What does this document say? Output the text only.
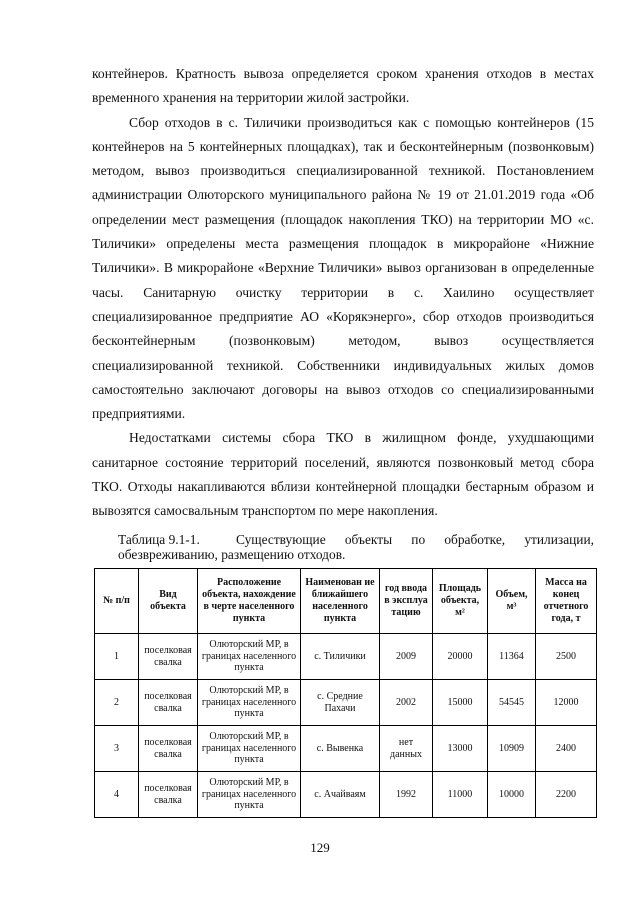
контейнеров. Кратность вывоза определяется сроком хранения отходов в местах временного хранения на территории жилой застройки.

Сбор отходов в с. Тиличики производиться как с помощью контейнеров (15 контейнеров на 5 контейнерных площадках), так и бесконтейнерным (позвонковым) методом, вывоз производиться специализированной техникой. Постановлением администрации Олюторского муниципального района № 19 от 21.01.2019 года «Об определении мест размещения (площадок накопления ТКО) на территории МО «с. Тиличики» определены места размещения площадок в микрорайоне «Нижние Тиличики». В микрорайоне «Верхние Тиличики» вывоз организован в определенные часы. Санитарную очистку территории в с. Хаилино осуществляет специализированное предприятие АО «Корякэнерго», сбор отходов производиться бесконтейнерным (позвонковым) методом, вывоз осуществляется специализированной техникой. Собственники индивидуальных жилых домов самостоятельно заключают договоры на вывоз отходов со специализированными предприятиями.

Недостатками системы сбора ТКО в жилищном фонде, ухудшающими санитарное состояние территорий поселений, являются позвонковый метод сбора ТКО. Отходы накапливаются вблизи контейнерной площадки бестарным образом и вывозятся самосвальным транспортом по мере накопления.

Таблица 9.1-1.	Существующие объекты по обработке, утилизации, обезвреживанию, размещению отходов.
№ п/п	Вид объекта	Расположение объекта, нахождение в черте населенного пункта	Наименован ие ближайшего населенного пункта	год ввода в эксплуа тацию	Площадь объекта, м²	Объем, м³	Масса на конец отчетного года, т
1	поселковая свалка	Олюторский МР, в границах населенного пункта	с. Тиличики	2009	20000	11364	2500
2	поселковая свалка	Олюторский МР, в границах населенного пункта	с. Средние Пахачи	2002	15000	54545	12000
3	поселковая свалка	Олюторский МР, в границах населенного пункта	с. Вывенка	нет данных	13000	10909	2400
4	поселковая свалка	Олюторский МР, в границах населенного пункта	с. Ачайваям	1992	11000	10000	2200
129
